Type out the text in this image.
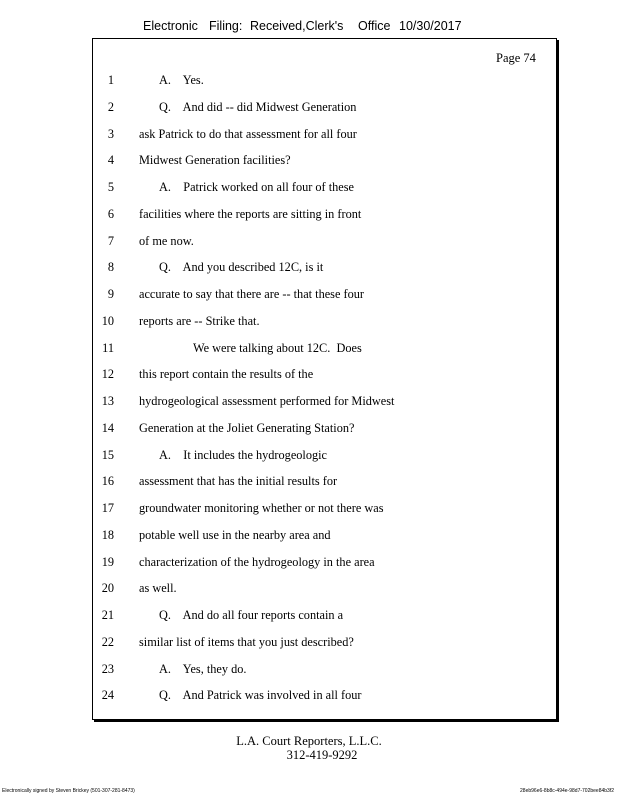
Electronic Filing: Received,Clerk's Office 10/30/2017
Page 74
1	A.    Yes.
2	Q.    And did -- did Midwest Generation
3 ask Patrick to do that assessment for all four
4 Midwest Generation facilities?
5	A.    Patrick worked on all four of these
6 facilities where the reports are sitting in front
7 of me now.
8	Q.    And you described 12C, is it
9 accurate to say that there are -- that these four
10 reports are -- Strike that.
11	We were talking about 12C.  Does
12 this report contain the results of the
13 hydrogeological assessment performed for Midwest
14 Generation at the Joliet Generating Station?
15	A.    It includes the hydrogeologic
16 assessment that has the initial results for
17 groundwater monitoring whether or not there was
18 potable well use in the nearby area and
19 characterization of the hydrogeology in the area
20 as well.
21	Q.    And do all four reports contain a
22 similar list of items that you just described?
23	A.    Yes, they do.
24	Q.    And Patrick was involved in all four
L.A. Court Reporters, L.L.C.
312-419-9292
Electronically signed by Steven Brickey (501-307-281-8473)	28eb96e6-8b8c-494e-98d7-702bee84b3f2
